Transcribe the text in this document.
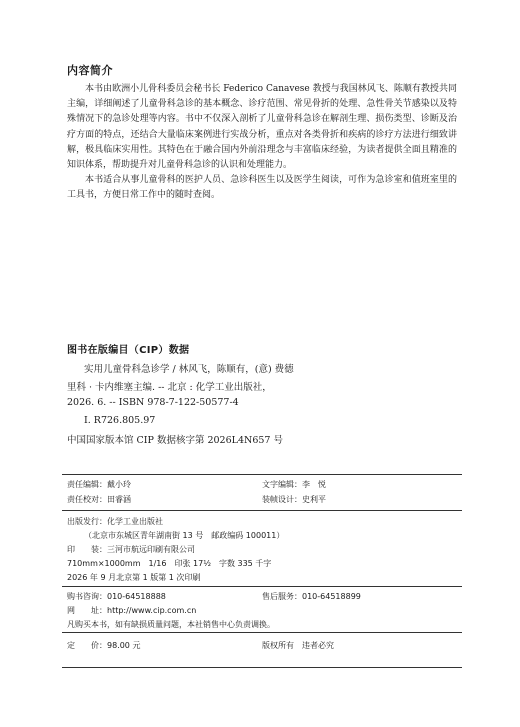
内容简介

本书由欧洲小儿骨科委员会秘书长 Federico Canavese 教授与我国林风飞、陈顺有教授共同主编，详细阐述了儿童骨科急诊的基本概念、诊疗范围、常见骨折的处理、急性骨关节感染以及特殊情况下的急诊处理等内容。书中不仅深入剖析了儿童骨科急诊在解剖生理、损伤类型、诊断及治疗方面的特点，还结合大量临床案例进行实战分析，重点对各类骨折和疾病的诊疗方法进行细致讲解，极具临床实用性。其特色在于融合国内外前沿理念与丰富临床经验，为读者提供全面且精准的知识体系，帮助提升对儿童骨科急诊的认识和处理能力。

本书适合从事儿童骨科的医护人员、急诊科医生以及医学生阅读，可作为急诊室和值班室里的工具书，方便日常工作中的随时查阅。

图书在版编目（CIP）数据
实用儿童骨科急诊学 / 林风飞，陈顺有，(意) 费德
里科 · 卡内维塞主编. -- 北京 : 化学工业出版社，
2026. 6. -- ISBN 978-7-122-50577-4
Ⅰ. R726.805.97
中国国家版本馆 CIP 数据核字第 2026L4N657 号
责任编辑：戴小玲	文字编辑：李　悦
责任校对：田睿涵	装帧设计：史利平
出版发行：化学工业出版社
（北京市东城区青年湖南街 13 号　邮政编码 100011）
印　　装：三河市航远印刷有限公司
710mm×1000mm　1/16　印张 17½　字数 335 千字
2026 年 9 月北京第 1 版第 1 次印刷
购书咨询：010-64518888	售后服务：010-64518899
网　　址：http://www.cip.com.cn
凡购买本书，如有缺损质量问题，本社销售中心负责调换。
定　　价：98.00 元	版权所有　违者必究
